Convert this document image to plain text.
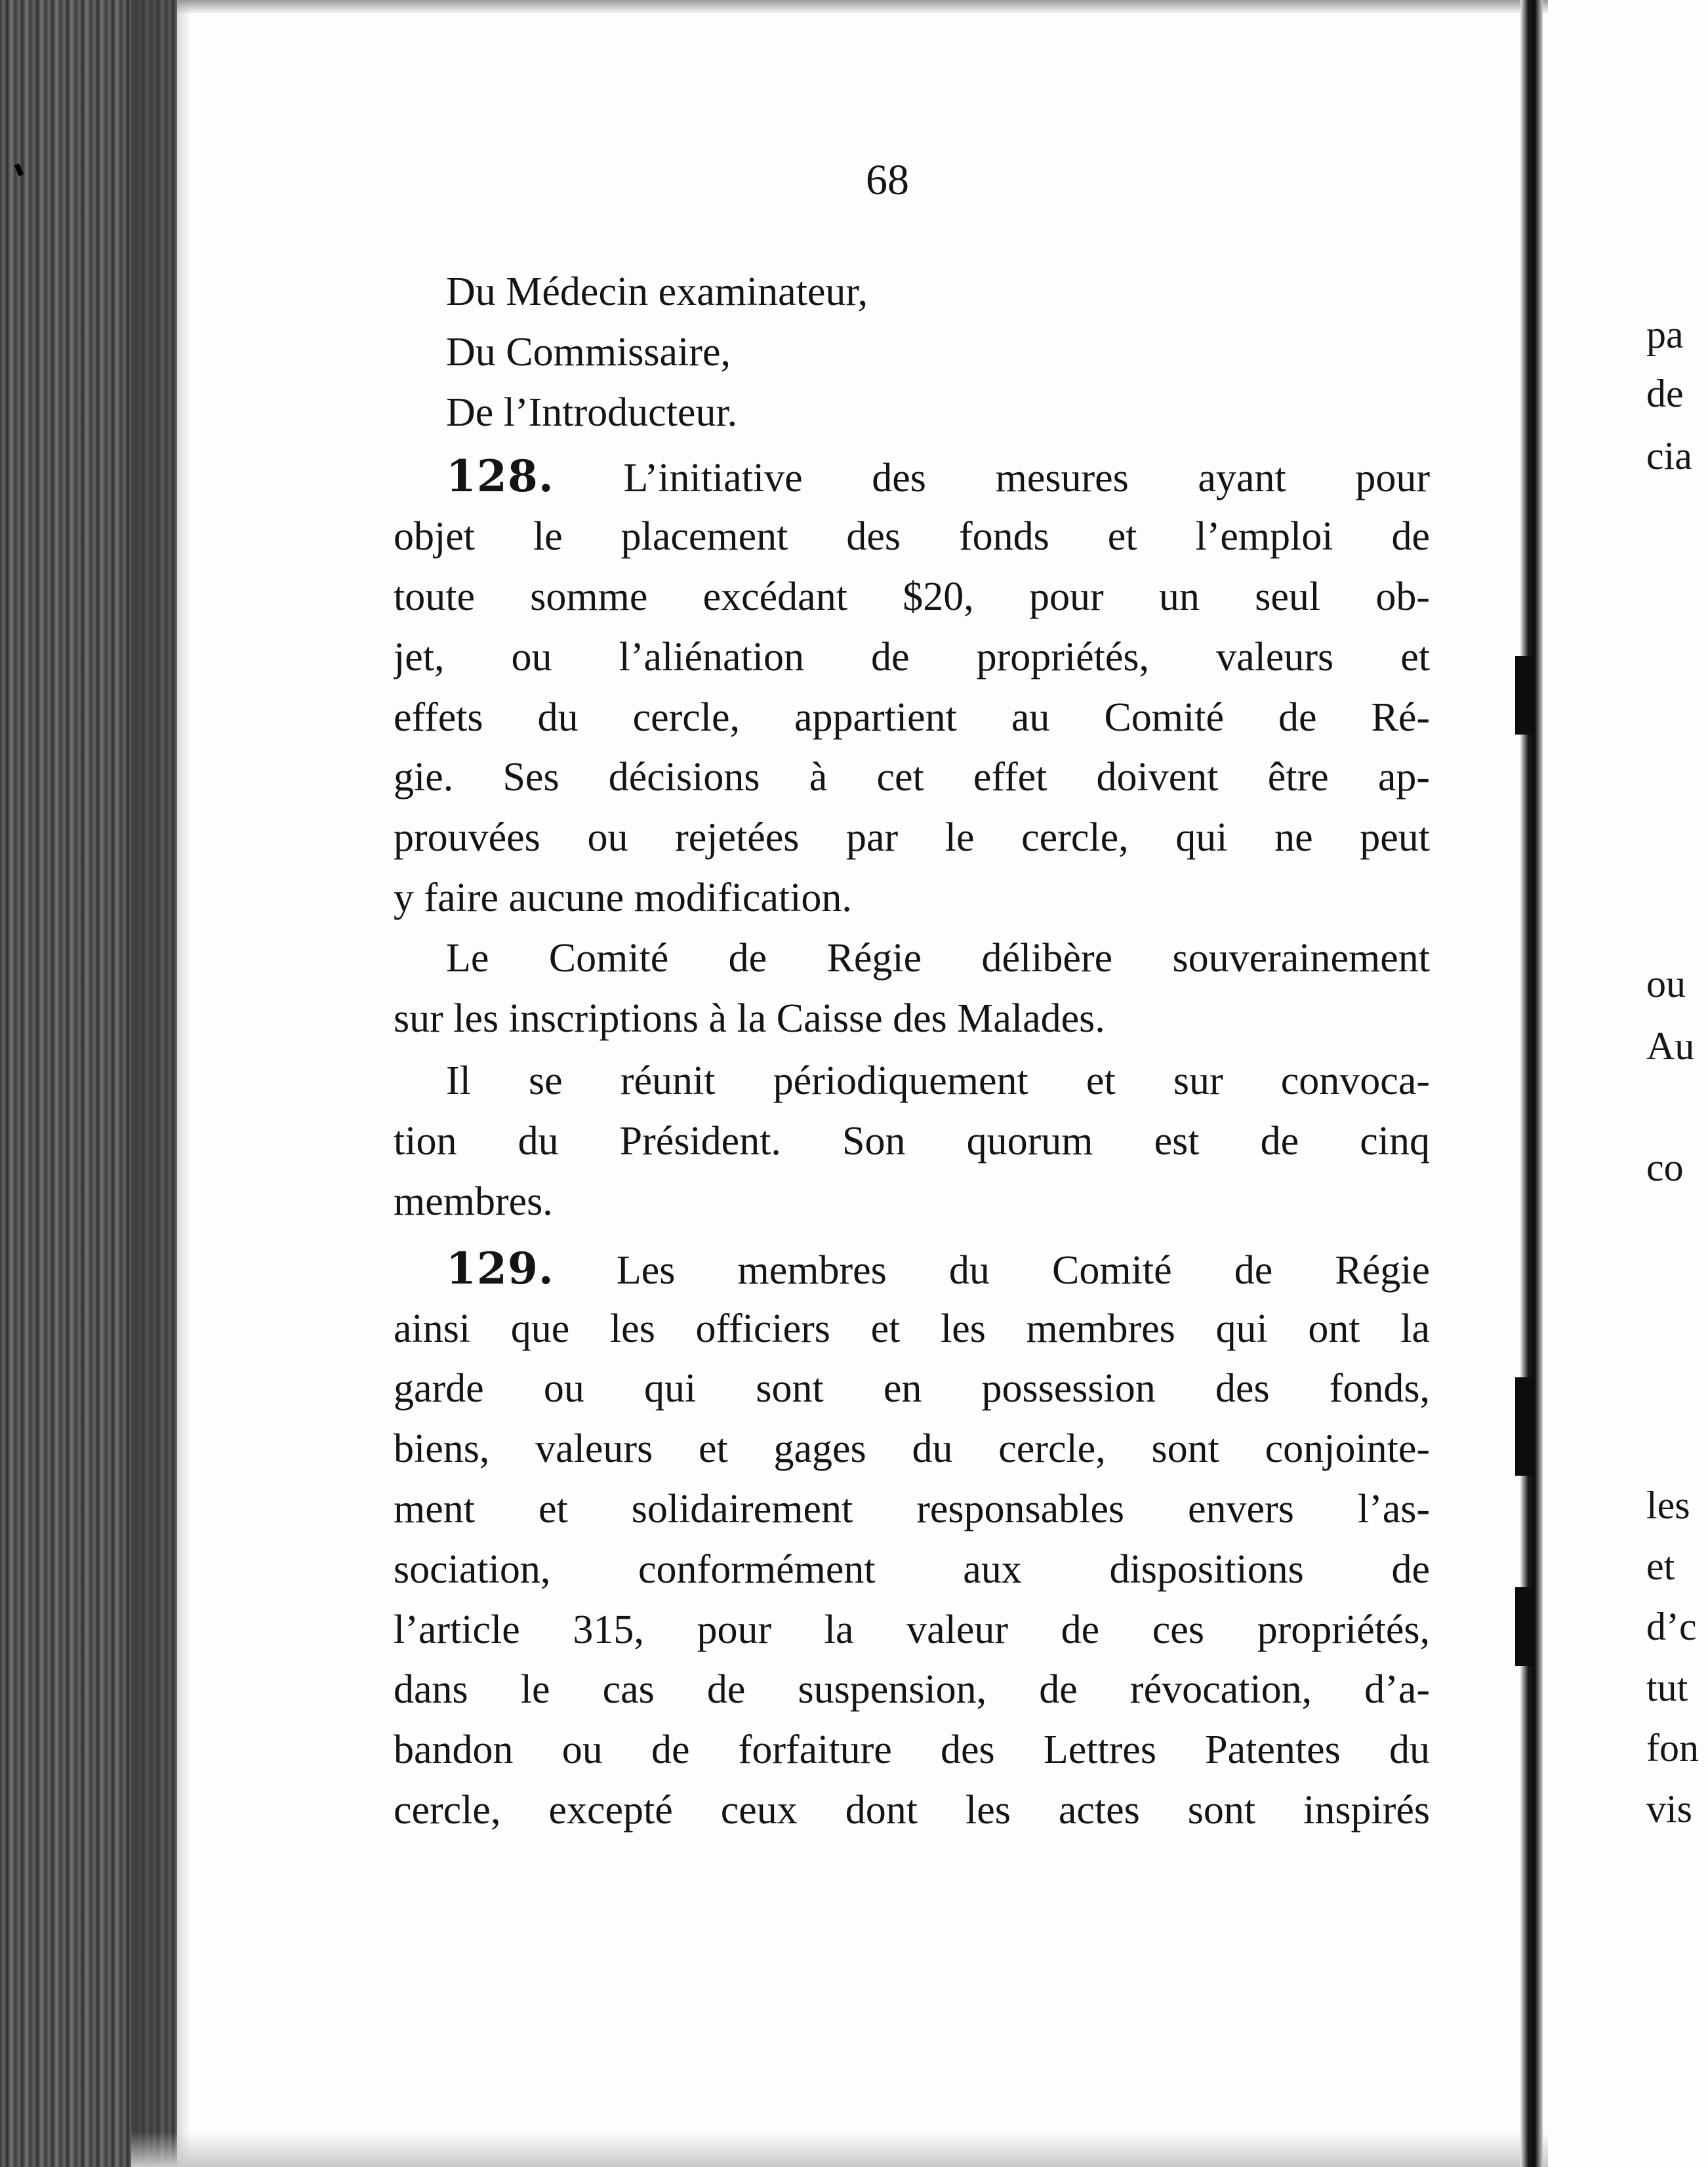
68
Du Médecin examinateur,
Du Commissaire,
De l’Introducteur.
128. L’initiative des mesures ayant pour
objet le placement des fonds et l’emploi de
toute somme excédant $20, pour un seul ob-
jet, ou l’aliénation de propriétés, valeurs et
effets du cercle, appartient au Comité de Ré-
gie. Ses décisions à cet effet doivent être ap-
prouvées ou rejetées par le cercle, qui ne peut
y faire aucune modification.
Le Comité de Régie délibère souverainement
sur les inscriptions à la Caisse des Malades.
Il se réunit périodiquement et sur convoca-
tion du Président. Son quorum est de cinq
membres.
129. Les membres du Comité de Régie
ainsi que les officiers et les membres qui ont la
garde ou qui sont en possession des fonds,
biens, valeurs et gages du cercle, sont conjointe-
ment et solidairement responsables envers l’as-
sociation, conformément aux dispositions de
l’article 315, pour la valeur de ces propriétés,
dans le cas de suspension, de révocation, d’a-
bandon ou de forfaiture des Lettres Patentes du
cercle, excepté ceux dont les actes sont inspirés
pa
de
cia
ou
Au
co
les
et
d’c
tut
fon
vis
